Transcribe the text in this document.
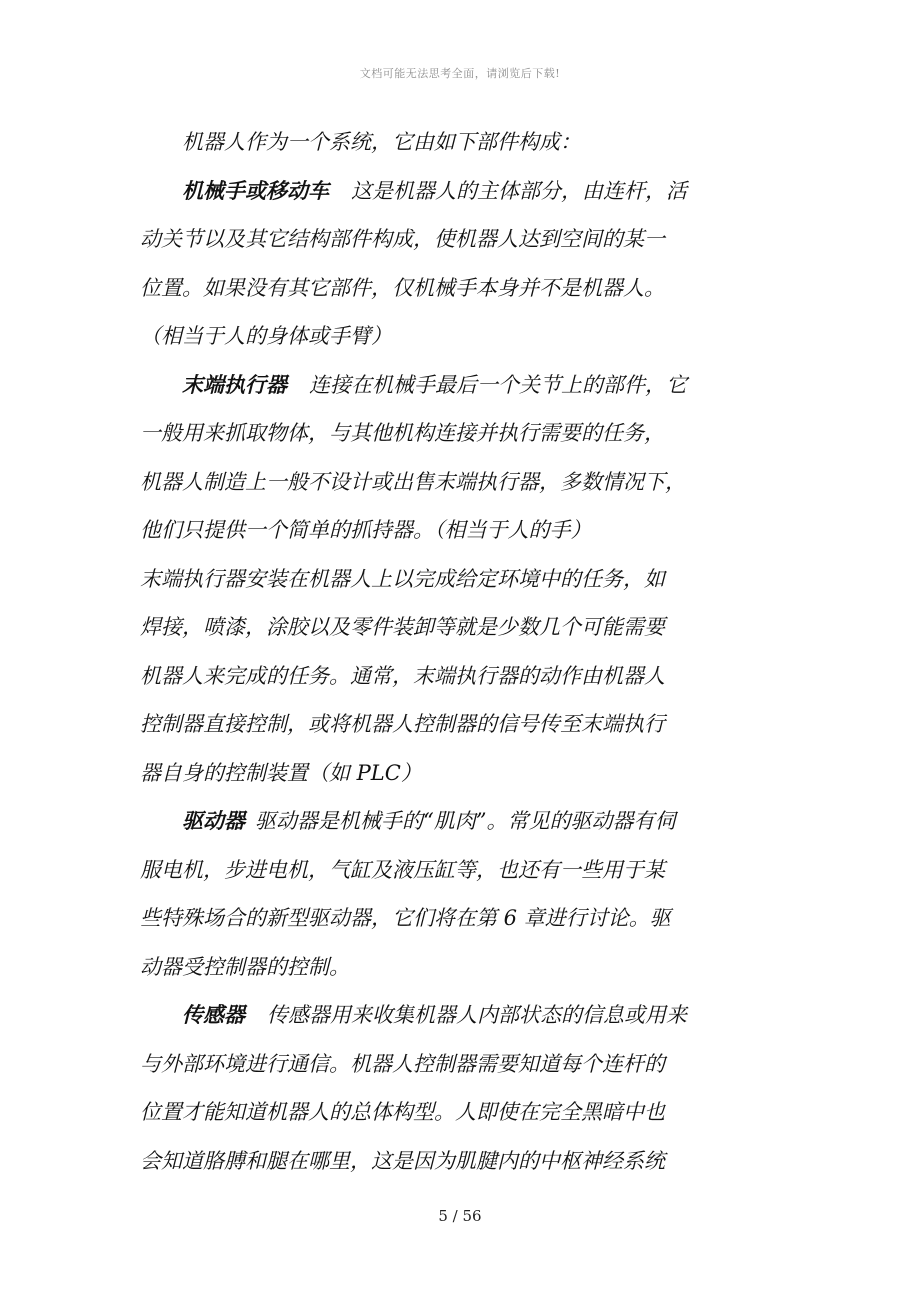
文档可能无法思考全面，请浏览后下载!
机器人作为一个系统，它由如下部件构成：
机械手或移动车 这是机器人的主体部分，由连杆，活
动关节以及其它结构部件构成，使机器人达到空间的某一
位置。如果没有其它部件，仅机械手本身并不是机器人。
（相当于人的身体或手臂）
末端执行器 连接在机械手最后一个关节上的部件，它
一般用来抓取物体，与其他机构连接并执行需要的任务，
机器人制造上一般不设计或出售末端执行器，多数情况下，
他们只提供一个简单的抓持器。（相当于人的手）
末端执行器安装在机器人上以完成给定环境中的任务，如
焊接，喷漆，涂胶以及零件装卸等就是少数几个可能需要
机器人来完成的任务。通常，末端执行器的动作由机器人
控制器直接控制，或将机器人控制器的信号传至末端执行
器自身的控制装置（如 PLC）
驱动器 驱动器是机械手的“肌肉”。常见的驱动器有伺
服电机，步进电机，气缸及液压缸等，也还有一些用于某
些特殊场合的新型驱动器，它们将在第 6 章进行讨论。驱
动器受控制器的控制。
传感器 传感器用来收集机器人内部状态的信息或用来
与外部环境进行通信。机器人控制器需要知道每个连杆的
位置才能知道机器人的总体构型。人即使在完全黑暗中也
会知道胳膊和腿在哪里，这是因为肌腱内的中枢神经系统
5 / 56
